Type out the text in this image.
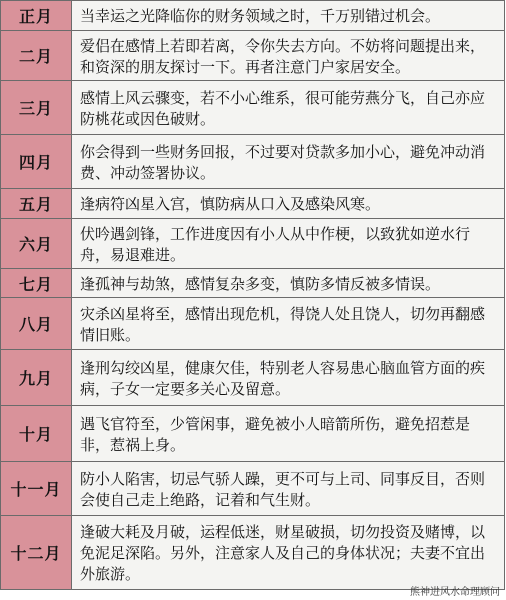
正月	当幸运之光降临你的财务领域之时，千万别错过机会。
二月	爱侣在感情上若即若离，令你失去方向。不妨将问题提出来，和资深的朋友探讨一下。再者注意门户家居安全。
三月	感情上风云骤变，若不小心维系，很可能劳燕分飞，自己亦应防桃花或因色破财。
四月	你会得到一些财务回报，不过要对贷款多加小心，避免冲动消费、冲动签署协议。
五月	逢病符凶星入宫，慎防病从口入及感染风寒。
六月	伏吟遇剑锋，工作进度因有小人从中作梗，以致犹如逆水行舟，易退难进。
七月	逢孤神与劫煞，感情复杂多变，慎防多情反被多情误。
八月	灾杀凶星将至，感情出现危机，得饶人处且饶人，切勿再翻感情旧账。
九月	逢刑勾绞凶星，健康欠佳，特别老人容易患心脑血管方面的疾病，子女一定要多关心及留意。
十月	遇飞官符至，少管闲事，避免被小人暗箭所伤，避免招惹是非，惹祸上身。
十一月	防小人陷害，切忌气骄人躁，更不可与上司、同事反目，否则会使自己走上绝路，记着和气生财。
十二月	逢破大耗及月破，运程低迷，财星破损，切勿投资及赌博，以免泥足深陷。另外，注意家人及自己的身体状况；夫妻不宜出外旅游。
熊神进风水命理顾问
